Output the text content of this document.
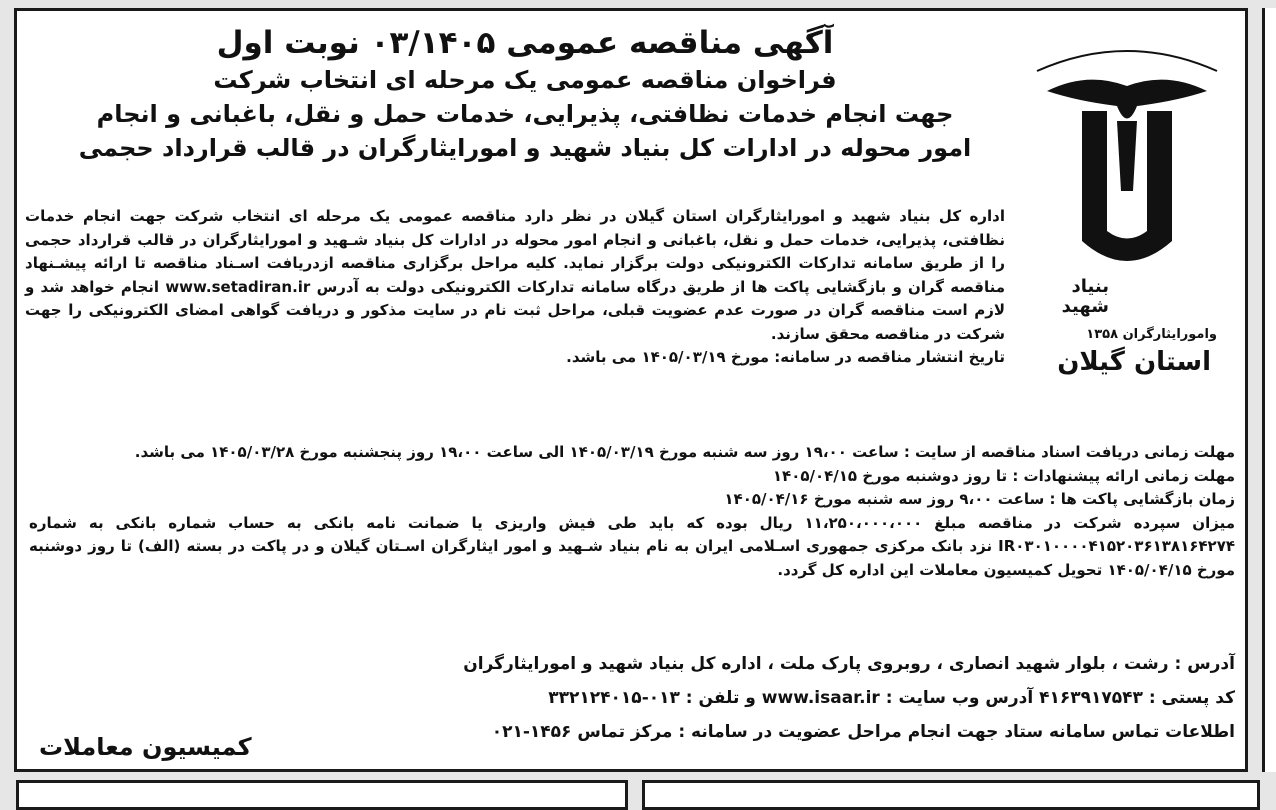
بنیاد
شهید
وامورایثارگران ۱۳۵۸
استان گیلان

آگهی مناقصه عمومی ۰۳/۱۴۰۵ نوبت اول

فراخوان مناقصه عمومی یک مرحله ای انتخاب شرکت

جهت انجام خدمات نظافتی، پذیرایی، خدمات حمل و نقل، باغبانی و انجام

امور محوله در ادارات کل بنیاد شهید و امورایثارگران در قالب قرارداد حجمی

اداره کل بنیاد شهید و امورایثارگران استان گیلان در نظر دارد مناقصه عمومی یک مرحله ای انتخاب شرکت جهت انجام خدمات نظافتی، پذیرایی، خدمات حمل و نقل، باغبانی و انجام امور محوله در ادارات کل بنیاد شـهید و امورایثارگران در قالب قرارداد حجمی را از طریق سامانه تدارکات الکترونیکی دولت برگزار نماید. کلیه مراحل برگزاری مناقصه ازدریافت اسـناد مناقصه تا ارائه پیشـنهاد مناقصه گران و بازگشایی پاکت ها از طریق درگاه سامانه تدارکات الکترونیکی دولت به آدرس www.setadiran.ir انجام خواهد شد و لازم است مناقصه گران در صورت عدم عضویت قبلی، مراحل ثبت نام در سایت مذکور و دریافت گواهی امضای الکترونیکی را جهت شرکت در مناقصه محقق سازند.

تاریخ انتشار مناقصه در سامانه: مورخ ۱۴۰۵/۰۳/۱۹ می باشد.

مهلت زمانی دریافت اسناد مناقصه از سایت : ساعت ۱۹،۰۰ روز سه شنبه مورخ ۱۴۰۵/۰۳/۱۹ الی ساعت ۱۹،۰۰ روز پنجشنبه مورخ ۱۴۰۵/۰۳/۲۸ می باشد.

مهلت زمانی ارائه پیشنهادات : تا روز دوشنبه مورخ ۱۴۰۵/۰۴/۱۵

زمان بازگشایی پاکت ها : ساعت ۹،۰۰ روز سه شنبه مورخ ۱۴۰۵/۰۴/۱۶

میزان سپرده شرکت در مناقصه مبلغ ۱۱،۲۵۰،۰۰۰،۰۰۰ ریال بوده که باید طی فیش واریزی یا ضمانت نامه بانکی به حساب شماره بانکی به شماره IR۰۳۰۱۰۰۰۰۴۱۵۲۰۳۶۱۳۸۱۶۴۲۷۴ نزد بانک مرکزی جمهوری اسـلامی ایران به نام بنیاد شـهید و امور ایثارگران اسـتان گیلان و در پاکت در بسته (الف) تا روز دوشنبه مورخ ۱۴۰۵/۰۴/۱۵ تحویل کمیسیون معاملات این اداره کل گردد.

آدرس : رشت ، بلوار شهید انصاری ، روبروی پارک ملت ، اداره کل بنیاد شهید و امورایثارگران

کد پستی : ۴۱۶۳۹۱۷۵۴۳ آدرس وب سایت : www.isaar.ir و تلفن : ۰۱۳-۳۳۲۱۲۴۰۱۵

اطلاعات تماس سامانه ستاد جهت انجام مراحل عضویت در سامانه : مرکز تماس ۱۴۵۶-۰۲۱

کمیسیون معاملات
